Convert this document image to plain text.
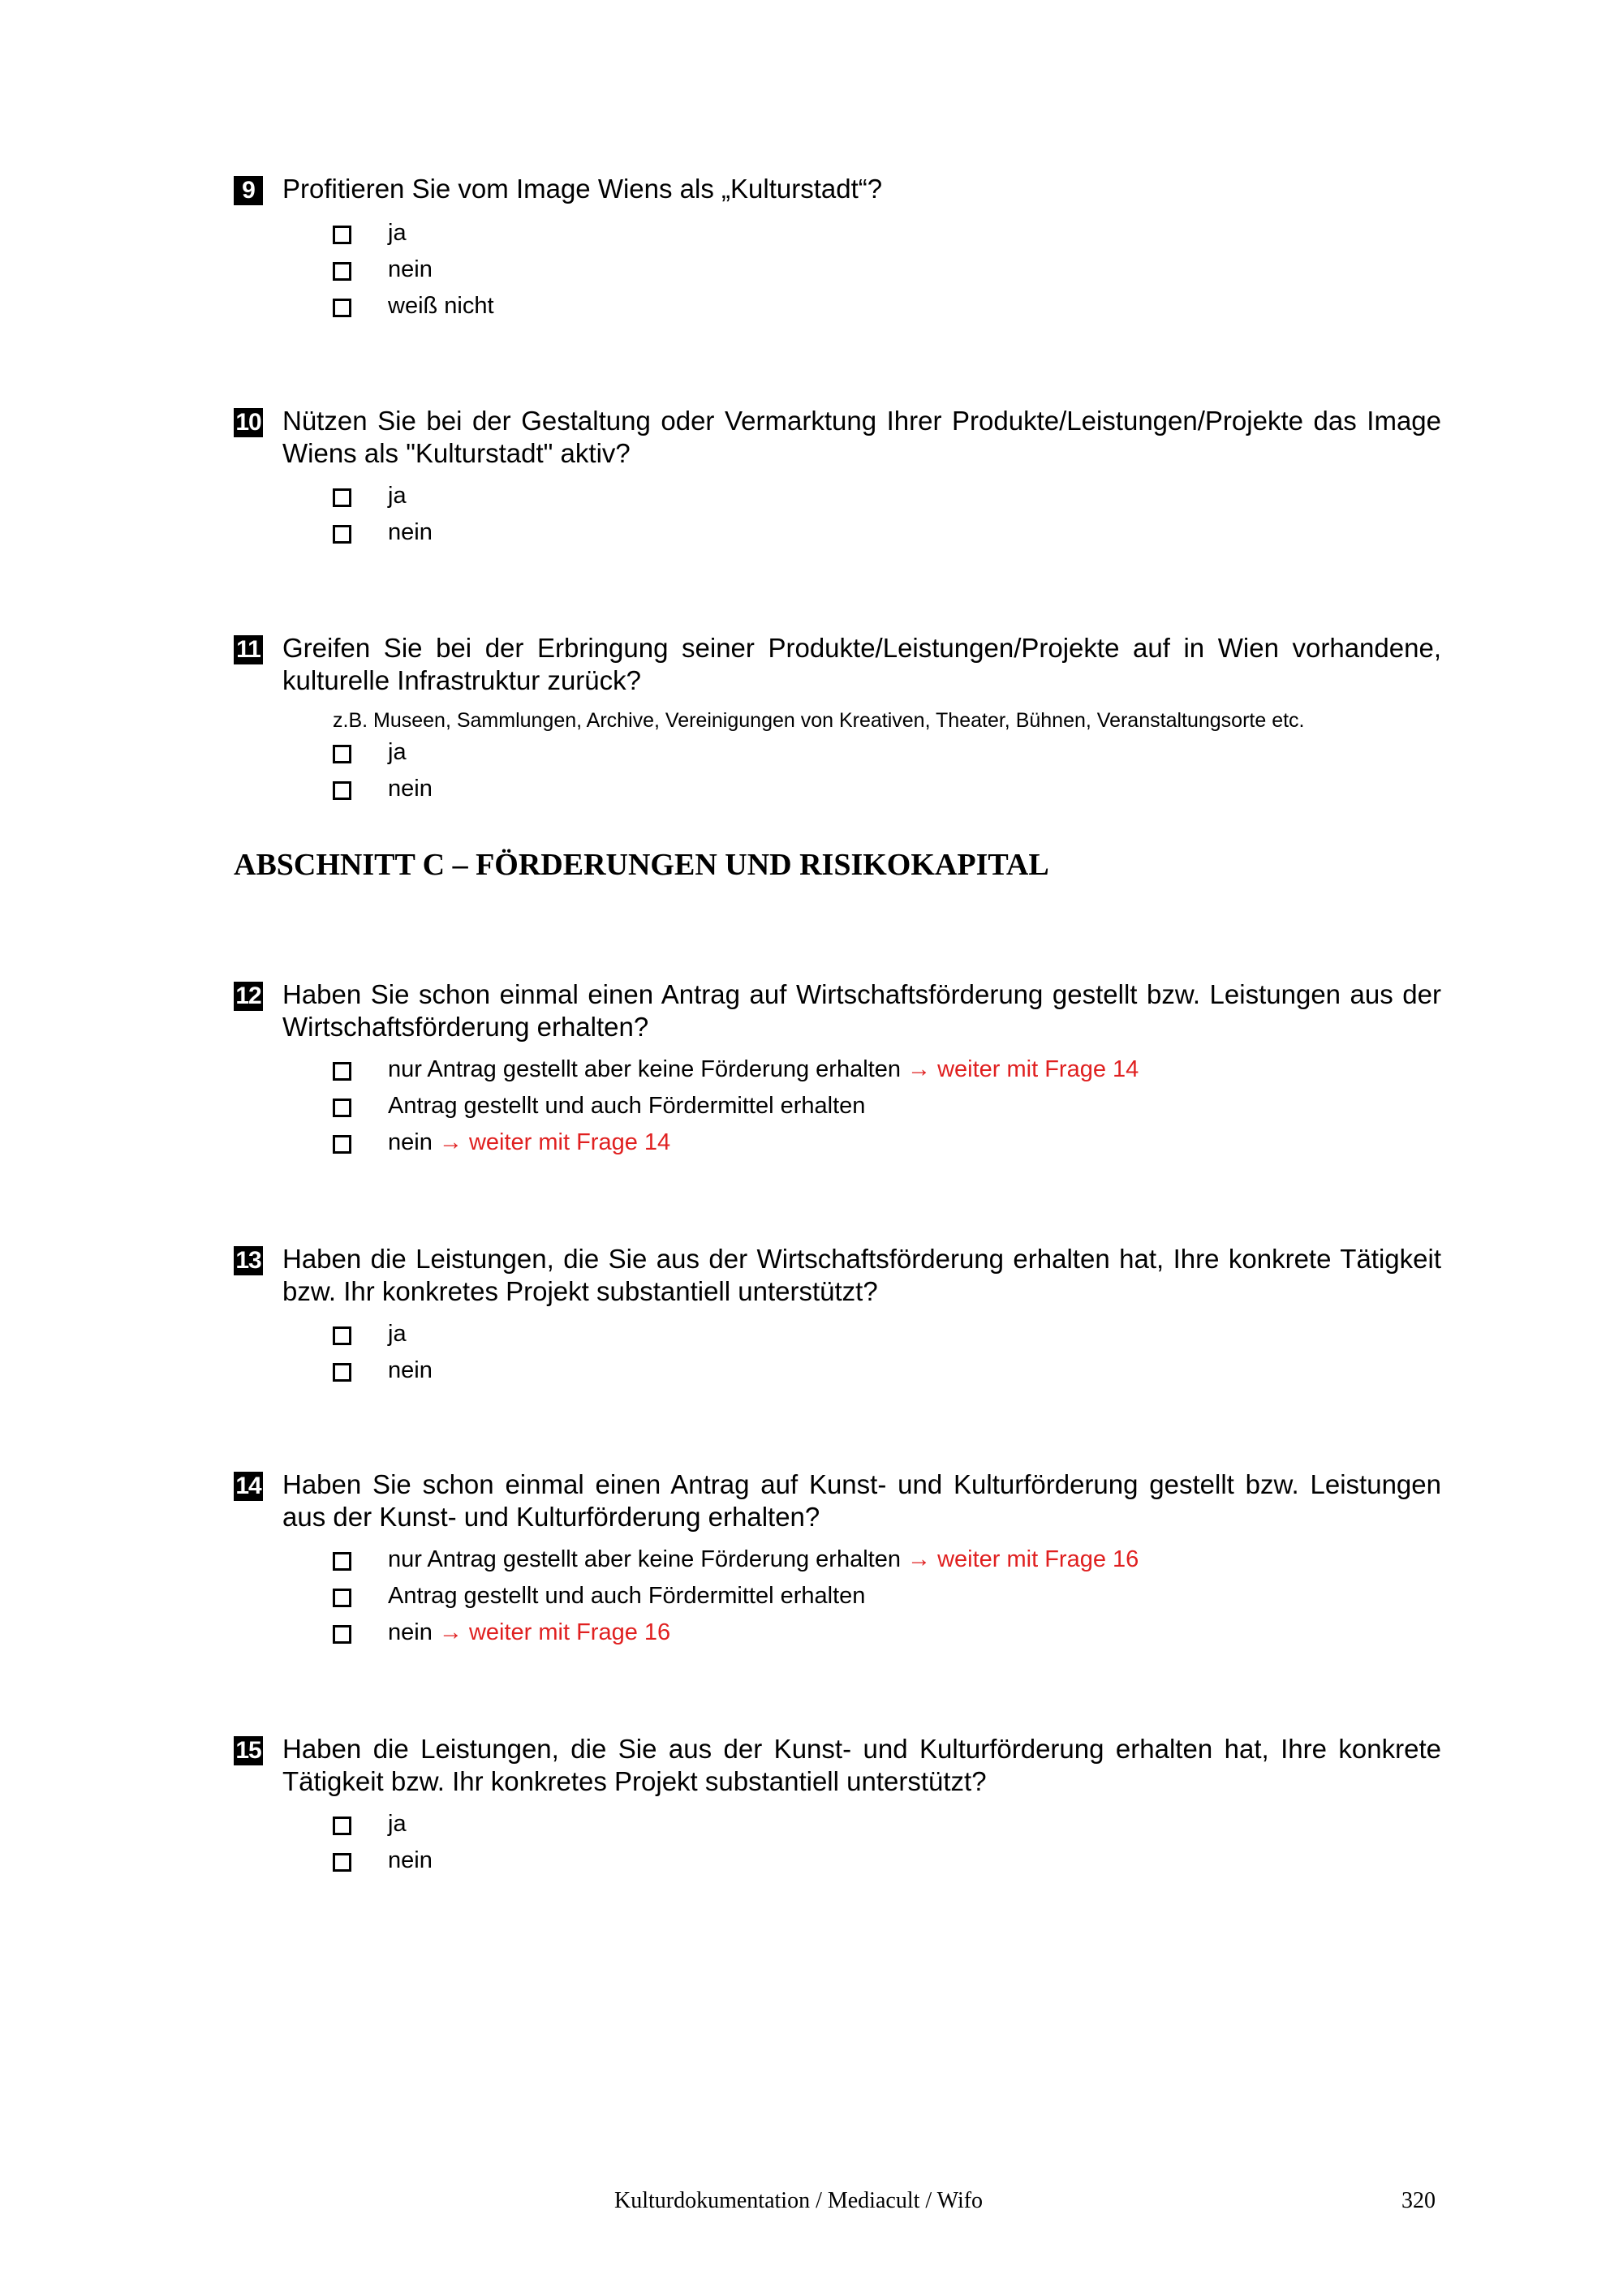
9	Profitieren Sie vom Image Wiens als „Kulturstadt“?
ja
nein
weiß nicht
10 Nützen Sie bei der Gestaltung oder Vermarktung Ihrer Produkte/Leistungen/Projekte das Image Wiens als "Kulturstadt" aktiv?
ja
nein
11 Greifen Sie bei der Erbringung seiner Produkte/Leistungen/Projekte auf in Wien vorhandene, kulturelle Infrastruktur zurück?
z.B. Museen, Sammlungen, Archive, Vereinigungen von Kreativen, Theater, Bühnen, Veranstaltungsorte etc.
ja
nein
ABSCHNITT C – FÖRDERUNGEN UND RISIKOKAPITAL
12 Haben Sie schon einmal einen Antrag auf Wirtschaftsförderung gestellt bzw. Leistungen aus der Wirtschaftsförderung erhalten?
nur Antrag gestellt aber keine Förderung erhalten → weiter mit Frage 14
Antrag gestellt und auch Fördermittel erhalten
nein → weiter mit Frage 14
13 Haben die Leistungen, die Sie aus der Wirtschaftsförderung erhalten hat, Ihre konkrete Tätigkeit bzw. Ihr konkretes Projekt substantiell unterstützt?
ja
nein
14 Haben Sie schon einmal einen Antrag auf Kunst- und Kulturförderung gestellt bzw. Leistungen aus der Kunst- und Kulturförderung erhalten?
nur Antrag gestellt aber keine Förderung erhalten → weiter mit Frage 16
Antrag gestellt und auch Fördermittel erhalten
nein → weiter mit Frage 16
15 Haben die Leistungen, die Sie aus der Kunst- und Kulturförderung erhalten hat, Ihre konkrete Tätigkeit bzw. Ihr konkretes Projekt substantiell unterstützt?
ja
nein
Kulturdokumentation / Mediacult / Wifo	320
